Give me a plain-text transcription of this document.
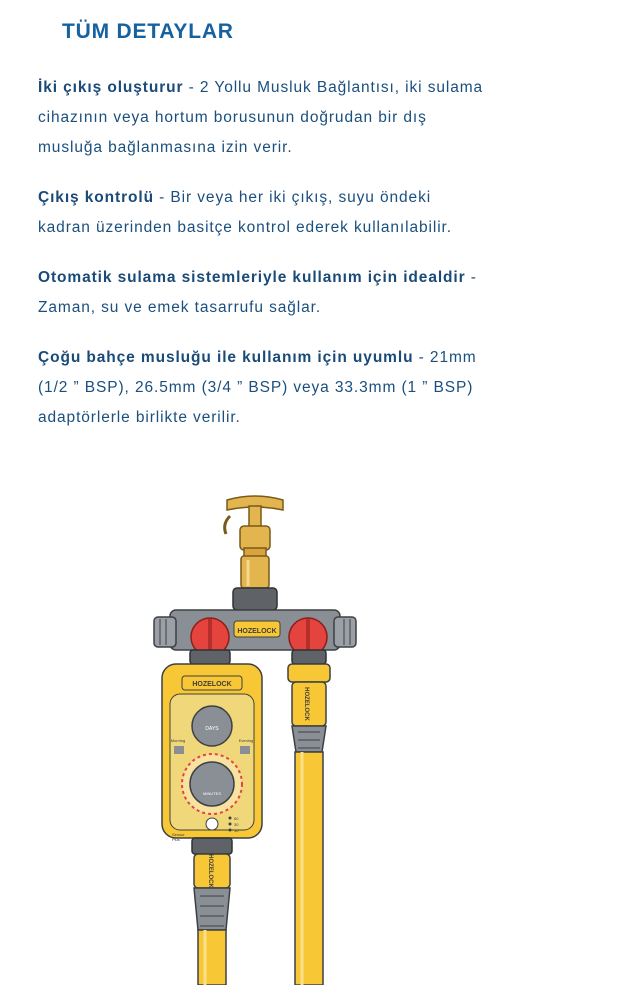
TÜM DETAYLAR

İki çıkış oluşturur - 2 Yollu Musluk Bağlantısı, iki sulama cihazının veya hortum borusunun doğrudan bir dış musluğa bağlanmasına izin verir.

Çıkış kontrolü - Bir veya her iki çıkış, suyu öndeki kadran üzerinden basitçe kontrol ederek kullanılabilir.

Otomatik sulama sistemleriyle kullanım için idealdir - Zaman, su ve emek tasarrufu sağlar.

Çoğu bahçe musluğu ile kullanım için uyumlu - 21mm (1/2 ” BSP), 26.5mm (3/4 ” BSP) veya 33.3mm (1 ” BSP) adaptörlerle birlikte verilir.

HOZELOCK
HOZELOCK
HOZELOCK
DAYS
Morning	Evening
MINUTES
60
30
10
Sensor
Plus
HOZELOCK
